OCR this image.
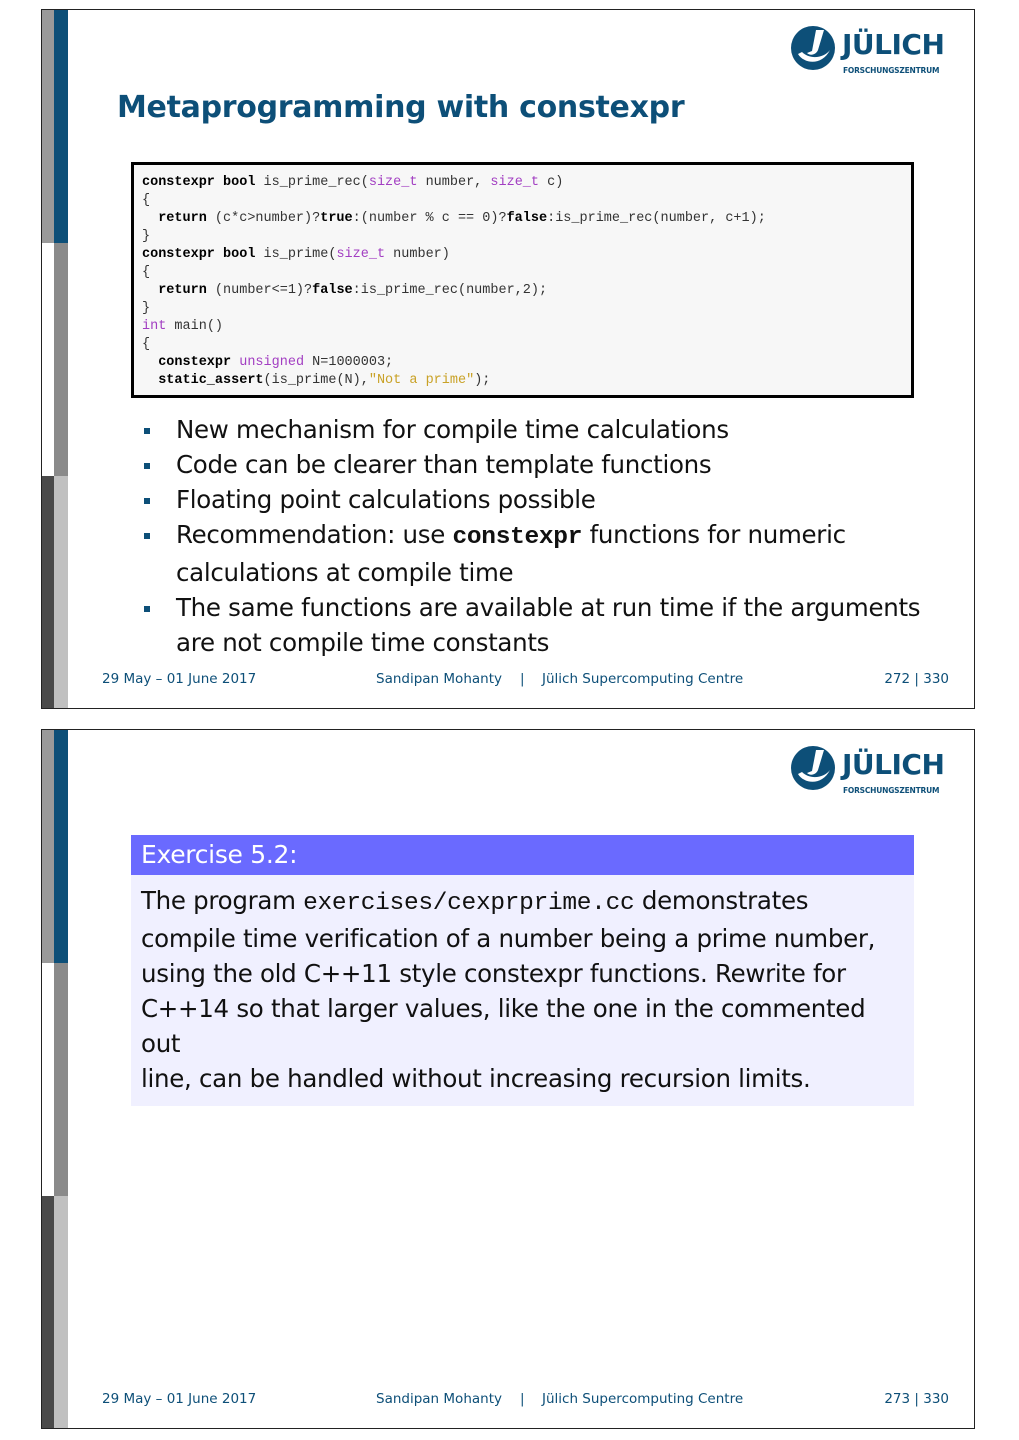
JÜLICH
FORSCHUNGSZENTRUM
Metaprogramming with constexpr
constexpr bool is_prime_rec(size_t number, size_t c)
{
return (c*c>number)?true:(number % c == 0)?false:is_prime_rec(number, c+1);
}
constexpr bool is_prime(size_t number)
{
return (number<=1)?false:is_prime_rec(number,2);
}
int main()
{
constexpr unsigned N=1000003;
static_assert(is_prime(N),"Not a prime");
New mechanism for compile time calculations
Code can be clearer than template functions
Floating point calculations possible
Recommendation: use constexpr functions for numeric
calculations at compile time
The same functions are available at run time if the arguments
are not compile time constants
29 May – 01 June 2017	Sandipan Mohanty | Jülich Supercomputing Centre	272 | 330
JÜLICH
FORSCHUNGSZENTRUM
Exercise 5.2:
The program exercises/cexprprime.cc demonstrates
compile time verification of a number being a prime number,
using the old C++11 style constexpr functions. Rewrite for
C++14 so that larger values, like the one in the commented out
line, can be handled without increasing recursion limits.
29 May – 01 June 2017	Sandipan Mohanty | Jülich Supercomputing Centre	273 | 330
